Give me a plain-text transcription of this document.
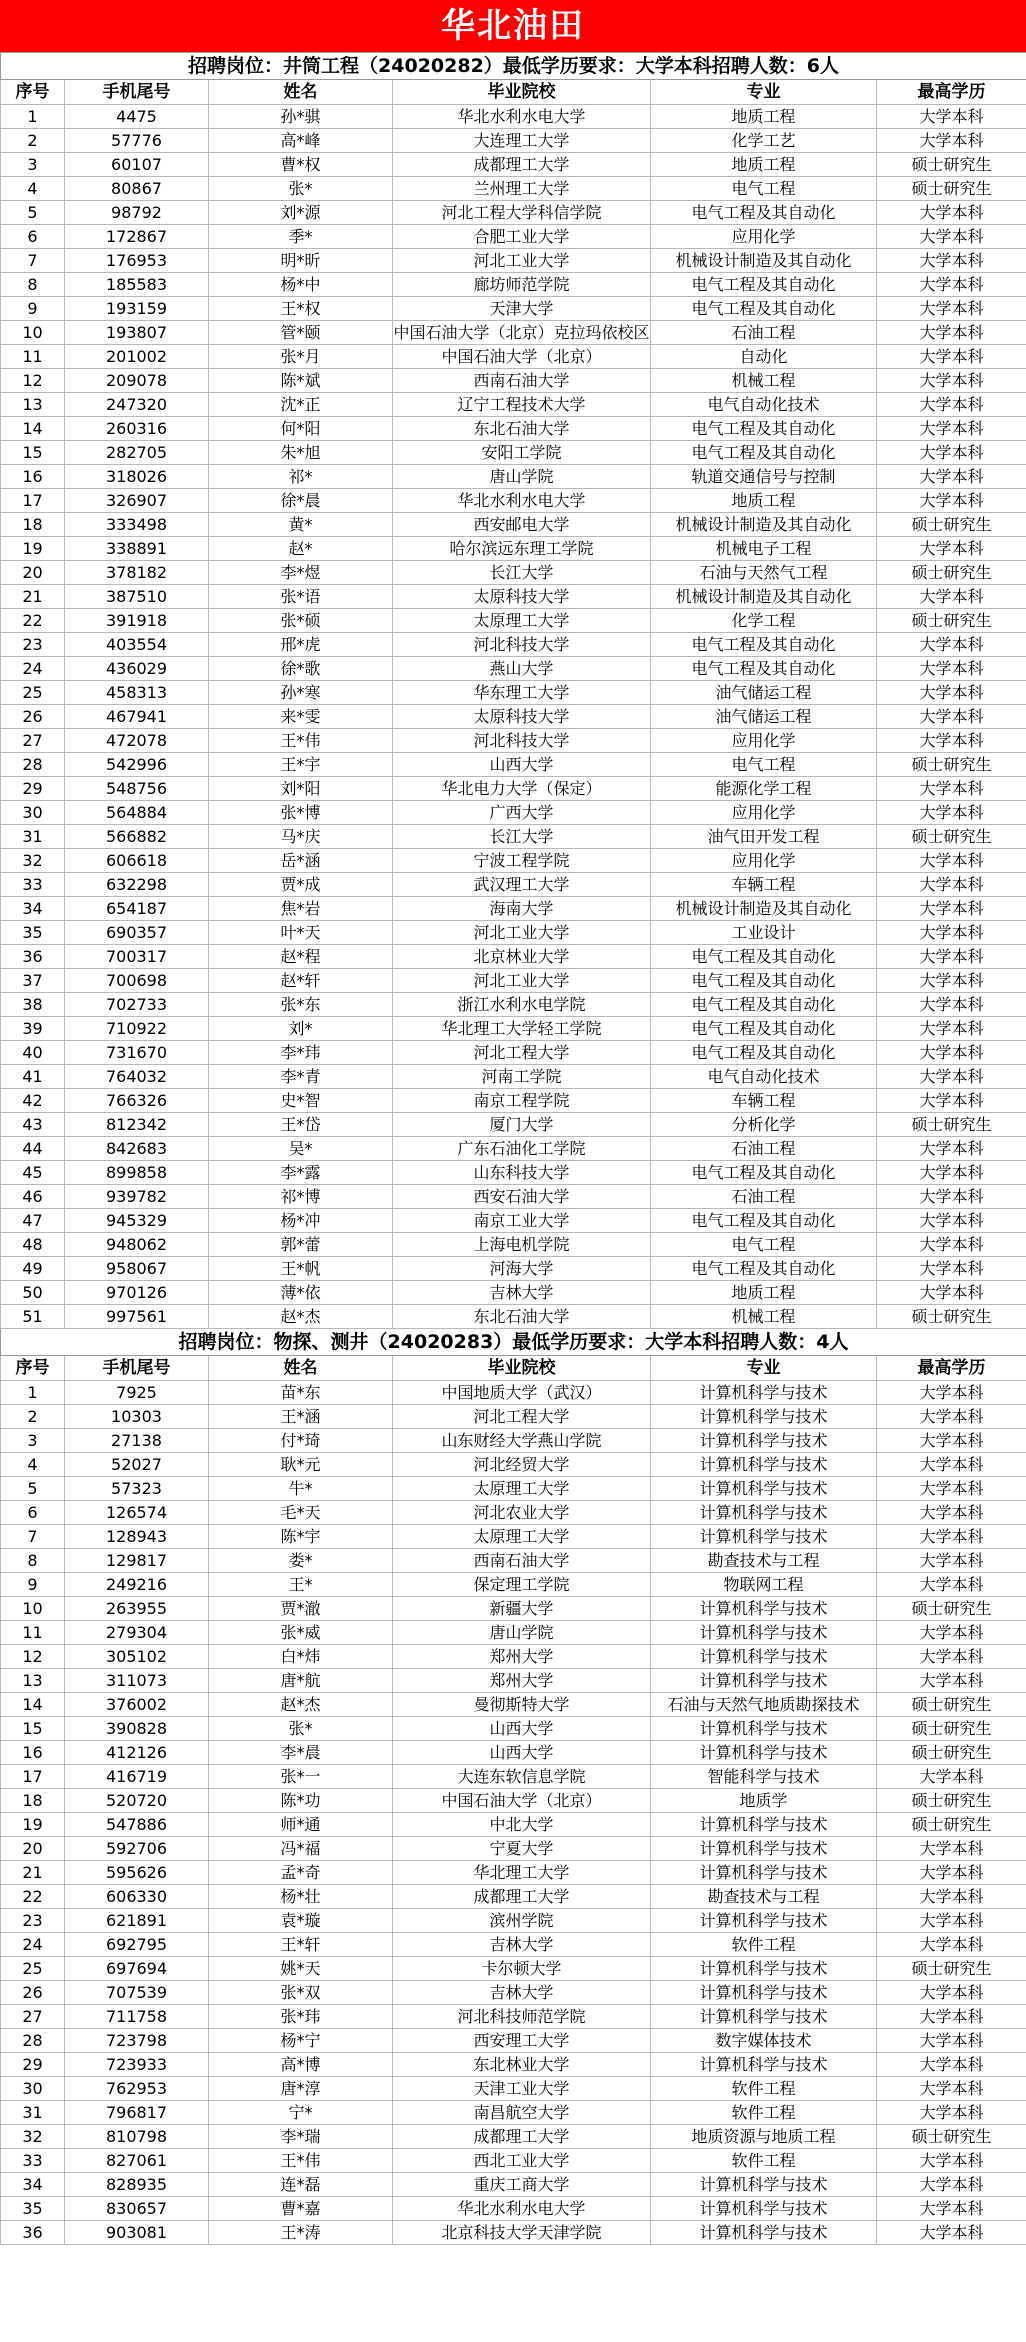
华北油田
招聘岗位：井筒工程（24020282）最低学历要求：大学本科招聘人数：6人					
序号	手机尾号	姓名	毕业院校	专业	最高学历
1	4475	孙*骐	华北水利水电大学	地质工程	大学本科
2	57776	高*峰	大连理工大学	化学工艺	大学本科
3	60107	曹*权	成都理工大学	地质工程	硕士研究生
4	80867	张*	兰州理工大学	电气工程	硕士研究生
5	98792	刘*源	河北工程大学科信学院	电气工程及其自动化	大学本科
6	172867	季*	合肥工业大学	应用化学	大学本科
7	176953	明*昕	河北工业大学	机械设计制造及其自动化	大学本科
8	185583	杨*中	廊坊师范学院	电气工程及其自动化	大学本科
9	193159	王*权	天津大学	电气工程及其自动化	大学本科
10	193807	管*颐	中国石油大学（北京）克拉玛依校区	石油工程	大学本科
11	201002	张*月	中国石油大学（北京）	自动化	大学本科
12	209078	陈*斌	西南石油大学	机械工程	大学本科
13	247320	沈*正	辽宁工程技术大学	电气自动化技术	大学本科
14	260316	何*阳	东北石油大学	电气工程及其自动化	大学本科
15	282705	朱*旭	安阳工学院	电气工程及其自动化	大学本科
16	318026	祁*	唐山学院	轨道交通信号与控制	大学本科
17	326907	徐*晨	华北水利水电大学	地质工程	大学本科
18	333498	黄*	西安邮电大学	机械设计制造及其自动化	硕士研究生
19	338891	赵*	哈尔滨远东理工学院	机械电子工程	大学本科
20	378182	李*煜	长江大学	石油与天然气工程	硕士研究生
21	387510	张*语	太原科技大学	机械设计制造及其自动化	大学本科
22	391918	张*硕	太原理工大学	化学工程	硕士研究生
23	403554	邢*虎	河北科技大学	电气工程及其自动化	大学本科
24	436029	徐*歌	燕山大学	电气工程及其自动化	大学本科
25	458313	孙*寒	华东理工大学	油气储运工程	大学本科
26	467941	来*雯	太原科技大学	油气储运工程	大学本科
27	472078	王*伟	河北科技大学	应用化学	大学本科
28	542996	王*宇	山西大学	电气工程	硕士研究生
29	548756	刘*阳	华北电力大学（保定）	能源化学工程	大学本科
30	564884	张*博	广西大学	应用化学	大学本科
31	566882	马*庆	长江大学	油气田开发工程	硕士研究生
32	606618	岳*涵	宁波工程学院	应用化学	大学本科
33	632298	贾*成	武汉理工大学	车辆工程	大学本科
34	654187	焦*岩	海南大学	机械设计制造及其自动化	大学本科
35	690357	叶*天	河北工业大学	工业设计	大学本科
36	700317	赵*程	北京林业大学	电气工程及其自动化	大学本科
37	700698	赵*轩	河北工业大学	电气工程及其自动化	大学本科
38	702733	张*东	浙江水利水电学院	电气工程及其自动化	大学本科
39	710922	刘*	华北理工大学轻工学院	电气工程及其自动化	大学本科
40	731670	李*玮	河北工程大学	电气工程及其自动化	大学本科
41	764032	李*青	河南工学院	电气自动化技术	大学本科
42	766326	史*智	南京工程学院	车辆工程	大学本科
43	812342	王*岱	厦门大学	分析化学	硕士研究生
44	842683	吴*	广东石油化工学院	石油工程	大学本科
45	899858	李*露	山东科技大学	电气工程及其自动化	大学本科
46	939782	祁*博	西安石油大学	石油工程	大学本科
47	945329	杨*冲	南京工业大学	电气工程及其自动化	大学本科
48	948062	郭*蕾	上海电机学院	电气工程	大学本科
49	958067	王*帆	河海大学	电气工程及其自动化	大学本科
50	970126	薄*依	吉林大学	地质工程	大学本科
51	997561	赵*杰	东北石油大学	机械工程	硕士研究生
招聘岗位：物探、测井（24020283）最低学历要求：大学本科招聘人数：4人					
序号	手机尾号	姓名	毕业院校	专业	最高学历
1	7925	苗*东	中国地质大学（武汉）	计算机科学与技术	大学本科
2	10303	王*涵	河北工程大学	计算机科学与技术	大学本科
3	27138	付*琦	山东财经大学燕山学院	计算机科学与技术	大学本科
4	52027	耿*元	河北经贸大学	计算机科学与技术	大学本科
5	57323	牛*	太原理工大学	计算机科学与技术	大学本科
6	126574	毛*天	河北农业大学	计算机科学与技术	大学本科
7	128943	陈*宇	太原理工大学	计算机科学与技术	大学本科
8	129817	娄*	西南石油大学	勘查技术与工程	大学本科
9	249216	王*	保定理工学院	物联网工程	大学本科
10	263955	贾*澈	新疆大学	计算机科学与技术	硕士研究生
11	279304	张*威	唐山学院	计算机科学与技术	大学本科
12	305102	白*炜	郑州大学	计算机科学与技术	大学本科
13	311073	唐*航	郑州大学	计算机科学与技术	大学本科
14	376002	赵*杰	曼彻斯特大学	石油与天然气地质勘探技术	硕士研究生
15	390828	张*	山西大学	计算机科学与技术	硕士研究生
16	412126	李*晨	山西大学	计算机科学与技术	硕士研究生
17	416719	张*一	大连东软信息学院	智能科学与技术	大学本科
18	520720	陈*功	中国石油大学（北京）	地质学	硕士研究生
19	547886	师*通	中北大学	计算机科学与技术	硕士研究生
20	592706	冯*福	宁夏大学	计算机科学与技术	大学本科
21	595626	孟*奇	华北理工大学	计算机科学与技术	大学本科
22	606330	杨*壮	成都理工大学	勘查技术与工程	大学本科
23	621891	袁*璇	滨州学院	计算机科学与技术	大学本科
24	692795	王*轩	吉林大学	软件工程	大学本科
25	697694	姚*天	卡尔顿大学	计算机科学与技术	硕士研究生
26	707539	张*双	吉林大学	计算机科学与技术	大学本科
27	711758	张*玮	河北科技师范学院	计算机科学与技术	大学本科
28	723798	杨*宁	西安理工大学	数字媒体技术	大学本科
29	723933	高*博	东北林业大学	计算机科学与技术	大学本科
30	762953	唐*淳	天津工业大学	软件工程	大学本科
31	796817	宁*	南昌航空大学	软件工程	大学本科
32	810798	李*瑞	成都理工大学	地质资源与地质工程	硕士研究生
33	827061	王*伟	西北工业大学	软件工程	大学本科
34	828935	连*磊	重庆工商大学	计算机科学与技术	大学本科
35	830657	曹*嘉	华北水利水电大学	计算机科学与技术	大学本科
36	903081	王*涛	北京科技大学天津学院	计算机科学与技术	大学本科
